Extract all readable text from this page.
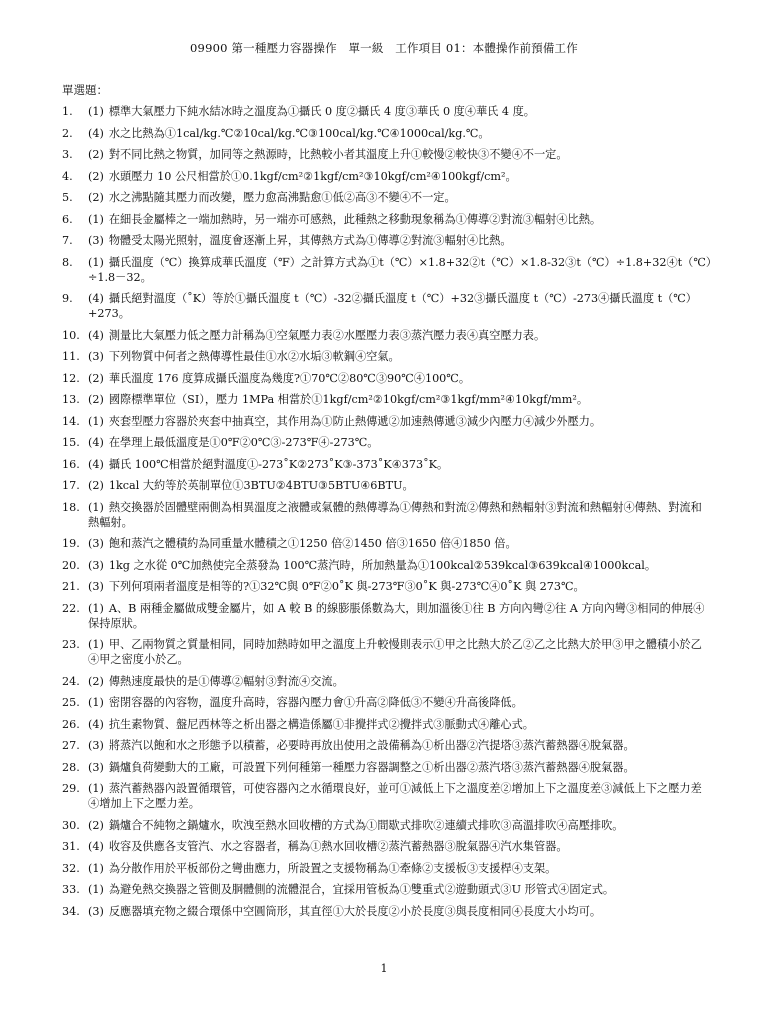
09900 第一種壓力容器操作　單一級　工作項目 01：本體操作前預備工作
單選題：
1. (1) 標準大氣壓力下純水結冰時之溫度為①攝氏 0 度②攝氏 4 度③華氏 0 度④華氏 4 度。
2. (4) 水之比熱為①1cal/kg.℃②10cal/kg.℃③100cal/kg.℃④1000cal/kg.℃。
3. (2) 對不同比熱之物質，加同等之熱源時，比熱較小者其溫度上升①較慢②較快③不變④不一定。
4. (2) 水頭壓力 10 公尺相當於①0.1kgf/cm²②1kgf/cm²③10kgf/cm²④100kgf/cm²。
5. (2) 水之沸點隨其壓力而改變，壓力愈高沸點愈①低②高③不變④不一定。
6. (1) 在細長金屬棒之一端加熱時，另一端亦可感熱，此種熱之移動現象稱為①傳導②對流③輻射④比熱。
7. (3) 物體受太陽光照射，溫度會逐漸上昇，其傳熱方式為①傳導②對流③輻射④比熱。
8. (1) 攝氏溫度（℃）換算成華氏溫度（℉）之計算方式為①t（℃）×1.8+32②t（℃）×1.8-32③t（℃）÷1.8+32④t（℃）÷1.8－32。
9. (4) 攝氏絕對溫度（˚K）等於①攝氏溫度 t（℃）-32②攝氏溫度 t（℃）+32③攝氏溫度 t（℃）-273④攝氏溫度 t（℃）+273。
10. (4) 測量比大氣壓力低之壓力計稱為①空氣壓力表②水壓壓力表③蒸汽壓力表④真空壓力表。
11. (3) 下列物質中何者之熱傳導性最佳①水②水垢③軟鋼④空氣。
12. (2) 華氏溫度 176 度算成攝氏溫度為幾度?①70℃②80℃③90℃④100℃。
13. (2) 國際標準單位（SI），壓力 1MPa 相當於①1kgf/cm²②10kgf/cm²③1kgf/mm²④10kgf/mm²。
14. (1) 夾套型壓力容器於夾套中抽真空，其作用為①防止熱傳遞②加速熱傳遞③減少內壓力④減少外壓力。
15. (4) 在學理上最低溫度是①0℉②0℃③-273℉④-273℃。
16. (4) 攝氏 100℃相當於絕對溫度①-273˚K②273˚K③-373˚K④373˚K。
17. (2) 1kcal 大約等於英制單位①3BTU②4BTU③5BTU④6BTU。
18. (1) 熱交換器於固體壁兩側為相異溫度之液體或氣體的熱傳導為①傳熱和對流②傳熱和熱輻射③對流和熱輻射④傳熱、對流和熱輻射。
19. (3) 飽和蒸汽之體積約為同重量水體積之①1250 倍②1450 倍③1650 倍④1850 倍。
20. (3) 1kg 之水從 0℃加熱使完全蒸發為 100℃蒸汽時，所加熱量為①100kcal②539kcal③639kcal④1000kcal。
21. (3) 下列何項兩者溫度是相等的?①32℃與 0℉②0˚K 與-273℉③0˚K 與-273℃④0˚K 與 273℃。
22. (1) A、B 兩種金屬做成雙金屬片，如 A 較 B 的線膨脹係數為大，則加溫後①往 B 方向內彎②往 A 方向內彎③相同的伸展④保持原狀。
23. (1) 甲、乙兩物質之質量相同，同時加熱時如甲之溫度上升較慢則表示①甲之比熱大於乙②乙之比熱大於甲③甲之體積小於乙④甲之密度小於乙。
24. (2) 傳熱速度最快的是①傳導②輻射③對流④交流。
25. (1) 密閉容器的內容物，溫度升高時，容器內壓力會①升高②降低③不變④升高後降低。
26. (4) 抗生素物質、盤尼西林等之析出器之構造係屬①非攪拌式②攪拌式③脈動式④離心式。
27. (3) 將蒸汽以飽和水之形態予以積蓄，必要時再放出使用之設備稱為①析出器②汽提塔③蒸汽蓄熱器④脫氣器。
28. (3) 鍋爐負荷變動大的工廠，可設置下列何種第一種壓力容器調整之①析出器②蒸汽塔③蒸汽蓄熱器④脫氣器。
29. (1) 蒸汽蓄熱器內設置循環管，可使容器內之水循環良好，並可①減低上下之溫度差②增加上下之溫度差③減低上下之壓力差④增加上下之壓力差。
30. (2) 鍋爐合不純物之鍋爐水，吹洩至熱水回收槽的方式為①間歇式排吹②連續式排吹③高溫排吹④高壓排吹。
31. (4) 收容及供應各支管汽、水之容器者，稱為①熱水回收槽②蒸汽蓄熱器③脫氣器④汽水集管器。
32. (1) 為分散作用於平板部份之彎曲應力，所設置之支援物稱為①牽條②支援板③支援桿④支架。
33. (1) 為避免熱交換器之管側及胴體側的流體混合，宜採用管板為①雙重式②遊動頭式③U 形管式④固定式。
34. (3) 反應器填充物之綴合環係中空圓筒形，其直徑①大於長度②小於長度③與長度相同④長度大小均可。
1
